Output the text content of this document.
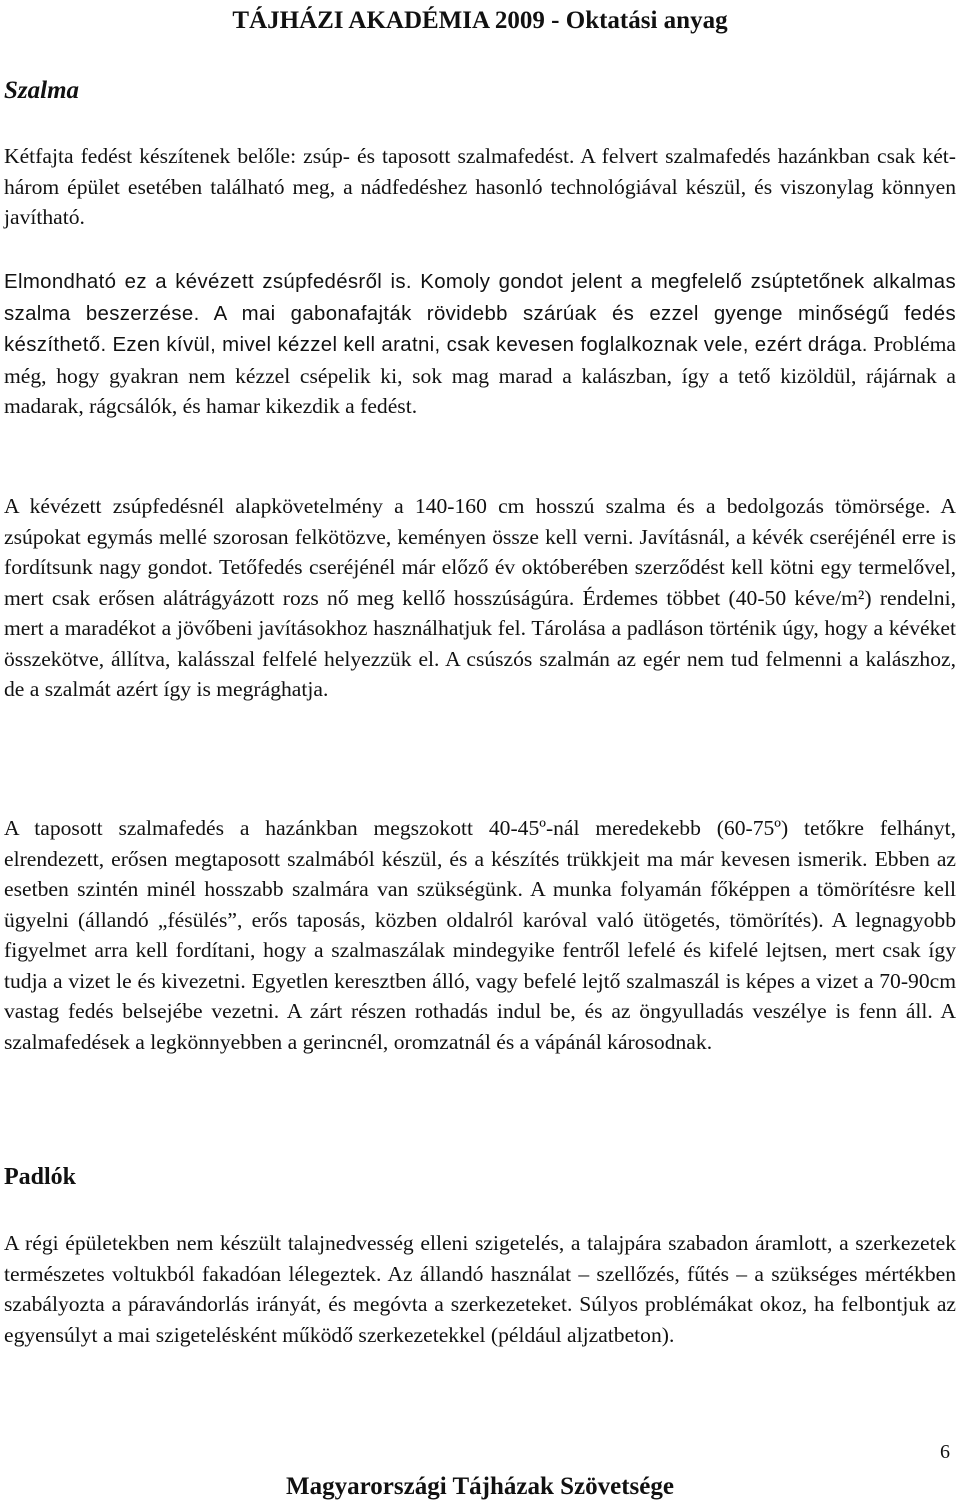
TÁJHÁZI AKADÉMIA 2009 - Oktatási anyag
Szalma

Kétfajta fedést készítenek belőle: zsúp- és taposott szalmafedést. A felvert szalmafedés hazánkban csak két-három épület esetében található meg, a nádfedéshez hasonló technológiával készül, és viszonylag könnyen javítható.

Elmondható ez a kévézett zsúpfedésről is. Komoly gondot jelent a megfelelő zsúptetőnek alkalmas szalma beszerzése. A mai gabonafajták rövidebb szárúak és ezzel gyenge minőségű fedés készíthető. Ezen kívül, mivel kézzel kell aratni, csak kevesen foglalkoznak vele, ezért drága. Probléma még, hogy gyakran nem kézzel csépelik ki, sok mag marad a kalászban, így a tető kizöldül, rájárnak a madarak, rágcsálók, és hamar kikezdik a fedést.

A kévézett zsúpfedésnél alapkövetelmény a 140-160 cm hosszú szalma és a bedolgozás tömörsége. A zsúpokat egymás mellé szorosan felkötözve, keményen össze kell verni. Javításnál, a kévék cseréjénél erre is fordítsunk nagy gondot. Tetőfedés cseréjénél már előző év októberében szerződést kell kötni egy termelővel, mert csak erősen alátrágyázott rozs nő meg kellő hosszúságúra. Érdemes többet (40-50 kéve/m²) rendelni, mert a maradékot a jövőbeni javításokhoz használhatjuk fel. Tárolása a padláson történik úgy, hogy a kévéket összekötve, állítva, kalásszal felfelé helyezzük el. A csúszós szalmán az egér nem tud felmenni a kalászhoz, de a szalmát azért így is megrághatja.

A taposott szalmafedés a hazánkban megszokott 40-45º-nál meredekebb (60-75º) tetőkre felhányt, elrendezett, erősen megtaposott szalmából készül, és a készítés trükkjeit ma már kevesen ismerik. Ebben az esetben szintén minél hosszabb szalmára van szükségünk. A munka folyamán főképpen a tömörítésre kell ügyelni (állandó „fésülés”, erős taposás, közben oldalról karóval való ütögetés, tömörítés). A legnagyobb figyelmet arra kell fordítani, hogy a szalmaszálak mindegyike fentről lefelé és kifelé lejtsen, mert csak így tudja a vizet le és kivezetni. Egyetlen keresztben álló, vagy befelé lejtő szalmaszál is képes a vizet a 70-90cm vastag fedés belsejébe vezetni. A zárt részen rothadás indul be, és az öngyulladás veszélye is fenn áll. A szalmafedések a legkönnyebben a gerincnél, oromzatnál és a vápánál károsodnak.

Padlók

A régi épületekben nem készült talajnedvesség elleni szigetelés, a talajpára szabadon áramlott, a szerkezetek természetes voltukból fakadóan lélegeztek. Az állandó használat – szellőzés, fűtés – a szükséges mértékben szabályozta a páravándorlás irányát, és megóvta a szerkezeteket. Súlyos problémákat okoz, ha felbontjuk az egyensúlyt a mai szigetelésként működő szerkezetekkel (például aljzatbeton).

6
Magyarországi Tájházak Szövetsége
